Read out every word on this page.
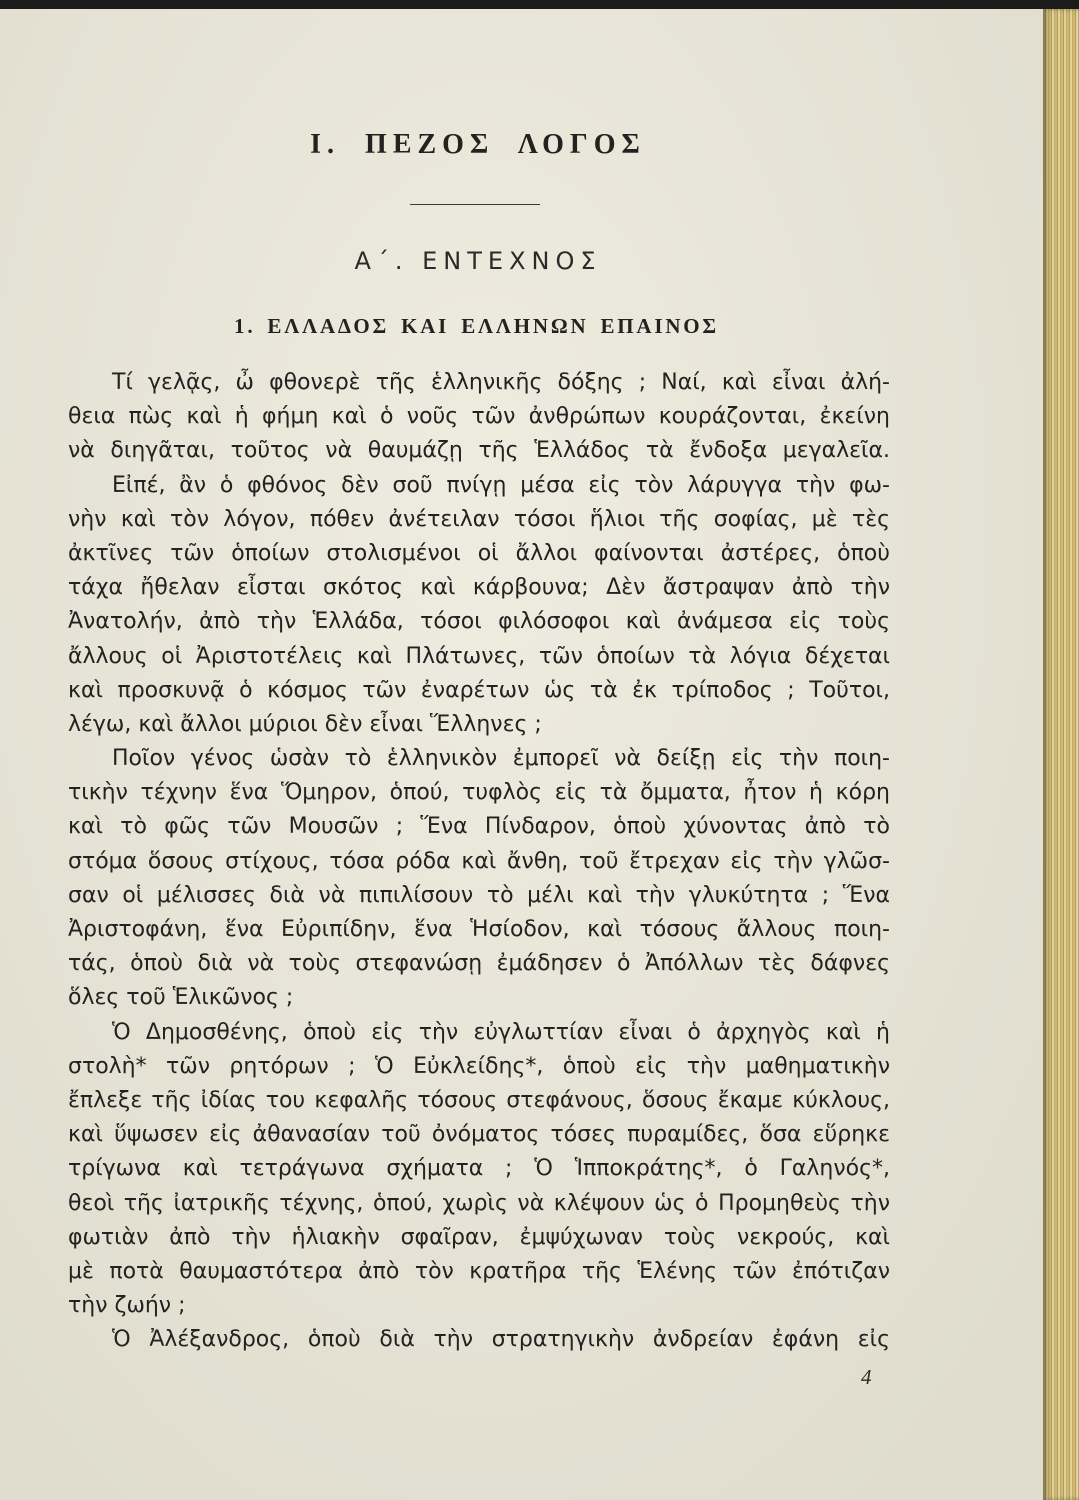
Ι. ΠΕΖΟΣ ΛΟΓΟΣ
Α΄. ΕΝΤΕΧΝΟΣ
1. ΕΛΛΑΔΟΣ ΚΑΙ ΕΛΛΗΝΩΝ ΕΠΑΙΝΟΣ
Τί γελᾷς, ὦ φθονερὲ τῆς ἑλληνικῆς δόξης ; Ναί, καὶ εἶναι ἀλή-
θεια πὼς καὶ ἡ φήμη καὶ ὁ νοῦς τῶν ἀνθρώπων κουράζονται, ἐκείνη
νὰ διηγᾶται, τοῦτος νὰ θαυμάζῃ τῆς Ἑλλάδος τὰ ἔνδοξα μεγαλεῖα.
Εἰπέ, ἂν ὁ φθόνος δὲν σοῦ πνίγῃ μέσα εἰς τὸν λάρυγγα τὴν φω-
νὴν καὶ τὸν λόγον, πόθεν ἀνέτειλαν τόσοι ἥλιοι τῆς σοφίας, μὲ τὲς
ἀκτῖνες τῶν ὁποίων στολισμένοι οἱ ἄλλοι φαίνονται ἀστέρες, ὁποὺ
τάχα ἤθελαν εἶσται σκότος καὶ κάρβουνα; Δὲν ἄστραψαν ἀπὸ τὴν
Ἀνατολήν, ἀπὸ τὴν Ἑλλάδα, τόσοι φιλόσοφοι καὶ ἀνάμεσα εἰς τοὺς
ἄλλους οἱ Ἀριστοτέλεις καὶ Πλάτωνες, τῶν ὁποίων τὰ λόγια δέχεται
καὶ προσκυνᾷ ὁ κόσμος τῶν ἐναρέτων ὡς τὰ ἐκ τρίποδος ; Τοῦτοι,
λέγω, καὶ ἄλλοι μύριοι δὲν εἶναι Ἕλληνες ;
Ποῖον γένος ὡσὰν τὸ ἑλληνικὸν ἐμπορεῖ νὰ δείξῃ εἰς τὴν ποιη-
τικὴν τέχνην ἕνα Ὅμηρον, ὁπού, τυφλὸς εἰς τὰ ὄμματα, ἦτον ἡ κόρη
καὶ τὸ φῶς τῶν Μουσῶν ; Ἕνα Πίνδαρον, ὁποὺ χύνοντας ἀπὸ τὸ
στόμα ὅσους στίχους, τόσα ρόδα καὶ ἄνθη, τοῦ ἔτρεχαν εἰς τὴν γλῶσ-
σαν οἱ μέλισσες διὰ νὰ πιπιλίσουν τὸ μέλι καὶ τὴν γλυκύτητα ; Ἕνα
Ἀριστοφάνη, ἕνα Εὐριπίδην, ἕνα Ἡσίοδον, καὶ τόσους ἄλλους ποιη-
τάς, ὁποὺ διὰ νὰ τοὺς στεφανώσῃ ἐμάδησεν ὁ Ἀπόλλων τὲς δάφνες
ὅλες τοῦ Ἑλικῶνος ;
Ὁ Δημοσθένης, ὁποὺ εἰς τὴν εὐγλωττίαν εἶναι ὁ ἀρχηγὸς καὶ ἡ
στολὴ* τῶν ρητόρων ; Ὁ Εὐκλείδης*, ὁποὺ εἰς τὴν μαθηματικὴν
ἔπλεξε τῆς ἰδίας του κεφαλῆς τόσους στεφάνους, ὅσους ἔκαμε κύκλους,
καὶ ὕψωσεν εἰς ἀθανασίαν τοῦ ὀνόματος τόσες πυραμίδες, ὅσα εὕρηκε
τρίγωνα καὶ τετράγωνα σχήματα ; Ὁ Ἱπποκράτης*, ὁ Γαληνός*,
θεοὶ τῆς ἰατρικῆς τέχνης, ὁπού, χωρὶς νὰ κλέψουν ὡς ὁ Προμηθεὺς τὴν
φωτιὰν ἀπὸ τὴν ἡλιακὴν σφαῖραν, ἐμψύχωναν τοὺς νεκρούς, καὶ
μὲ ποτὰ θαυμαστότερα ἀπὸ τὸν κρατῆρα τῆς Ἑλένης τῶν ἐπότιζαν
τὴν ζωήν ;
Ὁ Ἀλέξανδρος, ὁποὺ διὰ τὴν στρατηγικὴν ἀνδρείαν ἐφάνη εἰς
4
